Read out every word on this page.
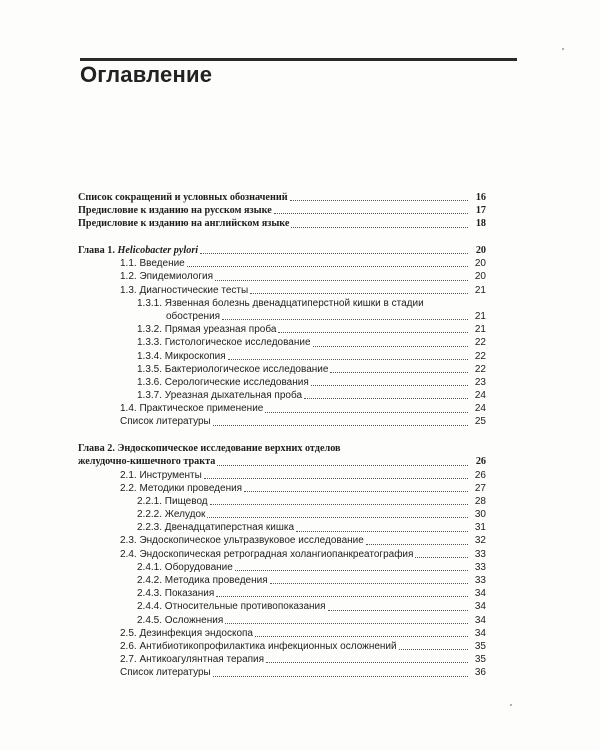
Оглавление
Список сокращений и условных обозначений	16
Предисловие к изданию на русском языке	17
Предисловие к изданию на английском языке	18
Глава 1. Helicobacter pylori	20
1.1. Введение	20
1.2. Эпидемиология	20
1.3. Диагностические тесты	21
1.3.1. Язвенная болезнь двенадцатиперстной кишки в стадии
обострения	21
1.3.2. Прямая уреазная проба	21
1.3.3. Гистологическое исследование	22
1.3.4. Микроскопия	22
1.3.5. Бактериологическое исследование	22
1.3.6. Серологические исследования	23
1.3.7. Уреазная дыхательная проба	24
1.4. Практическое применение	24
Список литературы	25
Глава 2. Эндоскопическое исследование верхних отделов
желудочно-кишечного тракта	26
2.1. Инструменты	26
2.2. Методики проведения	27
2.2.1. Пищевод	28
2.2.2. Желудок	30
2.2.3. Двенадцатиперстная кишка	31
2.3. Эндоскопическое ультразвуковое исследование	32
2.4. Эндоскопическая ретроградная холангиопанкреатография	33
2.4.1. Оборудование	33
2.4.2. Методика проведения	33
2.4.3. Показания	34
2.4.4. Относительные противопоказания	34
2.4.5. Осложнения	34
2.5. Дезинфекция эндоскопа	34
2.6. Антибиотикопрофилактика инфекционных осложнений	35
2.7. Антикоагулянтная терапия	35
Список литературы	36
